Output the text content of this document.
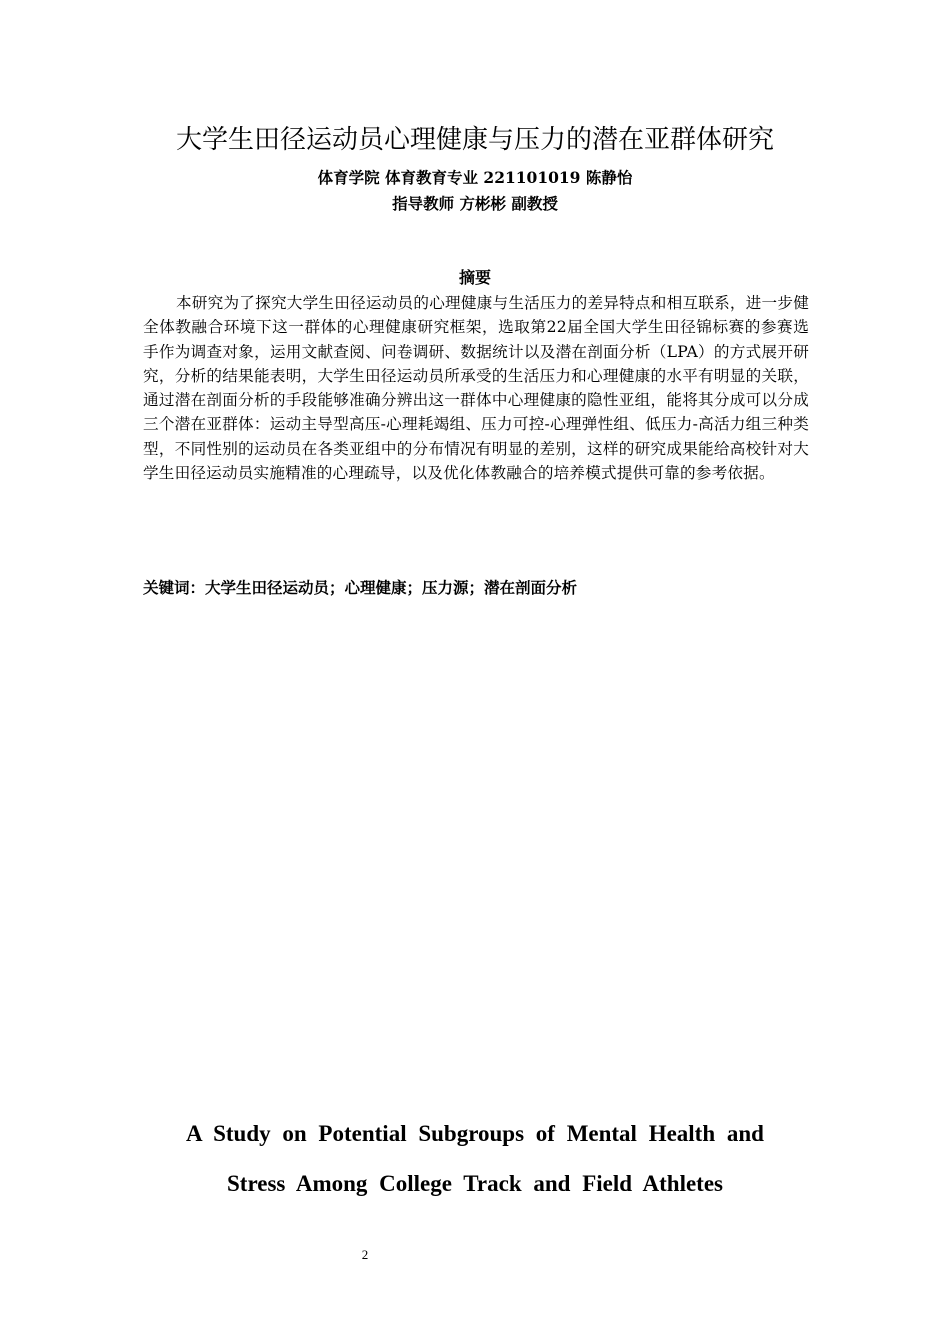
大学生田径运动员心理健康与压力的潜在亚群体研究

体育学院 体育教育专业 221101019 陈静怡

指导教师 方彬彬 副教授

摘要

本研究为了探究大学生田径运动员的心理健康与生活压力的差异特点和相互联系，进一步健全体教融合环境下这一群体的心理健康研究框架，选取第22届全国大学生田径锦标赛的参赛选手作为调查对象，运用文献查阅、问卷调研、数据统计以及潜在剖面分析（LPA）的方式展开研究，分析的结果能表明，大学生田径运动员所承受的生活压力和心理健康的水平有明显的关联，通过潜在剖面分析的手段能够准确分辨出这一群体中心理健康的隐性亚组，能将其分成可以分成三个潜在亚群体：运动主导型高压-心理耗竭组、压力可控-心理弹性组、低压力-高活力组三种类型，不同性别的运动员在各类亚组中的分布情况有明显的差别，这样的研究成果能给高校针对大学生田径运动员实施精准的心理疏导，以及优化体教融合的培养模式提供可靠的参考依据。

关键词：大学生田径运动员；心理健康；压力源；潜在剖面分析

A Study on Potential Subgroups of Mental Health and
Stress Among College Track and Field Athletes
2
